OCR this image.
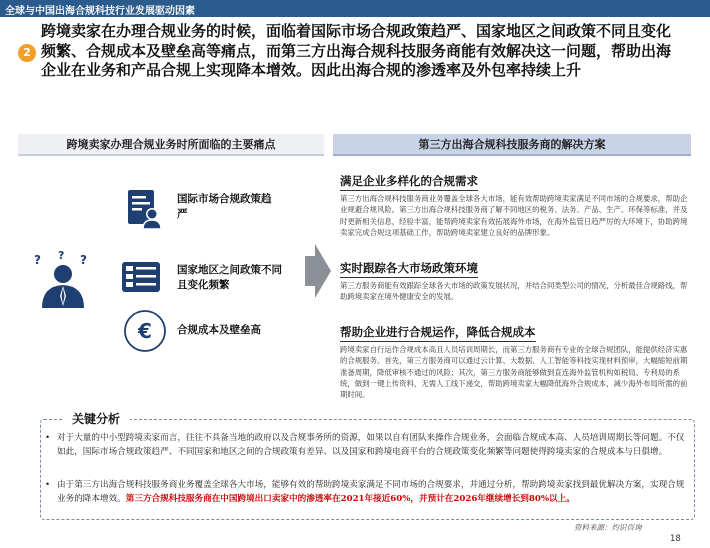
全球与中国出海合规科技行业发展驱动因素
2
跨境卖家在办理合规业务的时候，面临着国际市场合规政策趋严、国家地区之间政策不同且变化频繁、合规成本及壁垒高等痛点，而第三方出海合规科技服务商能有效解决这一问题，帮助出海企业在业务和产品合规上实现降本增效。因此出海合规的渗透率及外包率持续上升
跨境卖家办理合规业务时所面临的主要痛点	第三方出海合规科技服务商的解决方案
? ? ?
€
国际市场合规政策趋严
国家地区之间政策不同且变化频繁
合规成本及壁垒高
满足企业多样化的合规需求
第三方出海合规科技服务商业务覆盖全球各大市场，能有效帮助跨境卖家满足不同市场的合规要求，帮助企业规避合规风险。第三方出海合规科技服务商了解不同地区的税务、法务、产品、生产、环保等标准，并及时更新相关信息，经验丰富，能帮跨境卖家有效拓展海外市场，在海外监管日趋严厉的大环境下，协助跨境卖家完成合规这项基础工作，帮助跨境卖家建立良好的品牌形象。
实时跟踪各大市场政策环境
第三方服务商能有效跟踪全球各大市场的政策发展状况，并结合同类型公司的情况，分析最佳合规路线，帮助跨境卖家在境外健康安全的发展。
帮助企业进行合规运作，降低合规成本
跨境卖家自行运作合规成本高且人员培训周期长，而第三方服务商有专业的全球合规团队，能提供经济实惠的合规服务。首先，第三方服务商可以通过云计算、大数据、人工智能等科技实现材料预审，大幅缩短前期准备周期，降低审核不通过的风险；其次，第三方服务商能够做到直连海外监管机构如税局、专利局的系统，做到一键上传资料，无需人工线下递交，帮助跨境卖家大幅降低海外合规成本，减少海外布局所需的前期时间。
关键分析
• 对于大量的中小型跨境卖家而言，往往不具备当地的政府以及合规事务所的资源，如果以自有团队来操作合规业务，会面临合规成本高、人员培训周期长等问题。不仅如此，国际市场合规政策趋严、不同国家和地区之间的合规政策有差异、以及国家和跨境电商平台的合规政策变化频繁等问题使得跨境卖家的合规成本与日俱增。
• 由于第三方出海合规科技服务商业务覆盖全球各大市场，能够有效的帮助跨境卖家满足不同市场的合规要求，并通过分析，帮助跨境卖家找到最优解决方案，实现合规业务的降本增效。第三方合规科技服务商在中国跨境出口卖家中的渗透率在2021年接近60%，并预计在2026年继续增长到80%以上。
资料来源：灼识咨询
18
